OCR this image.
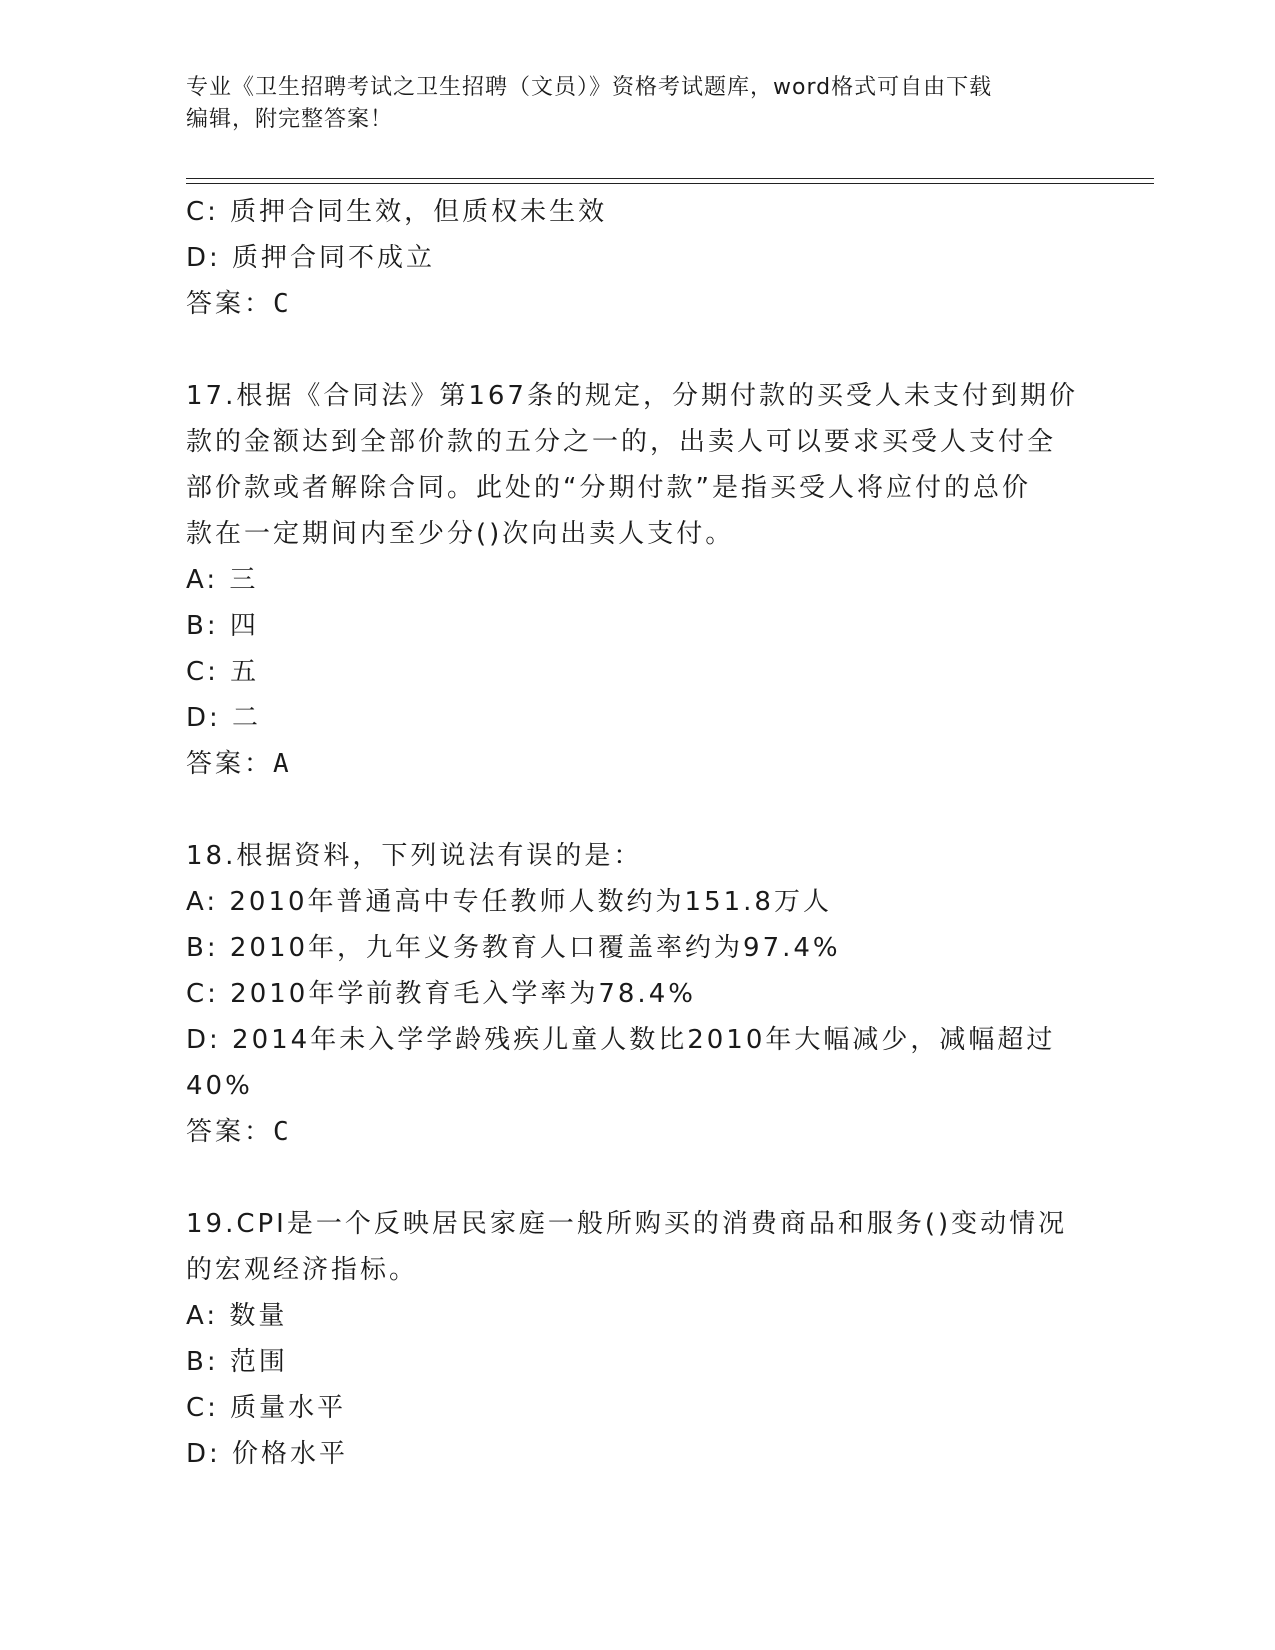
专业《卫生招聘考试之卫生招聘（文员）》资格考试题库，word格式可自由下载
编辑，附完整答案！
C: 质押合同生效，但质权未生效
D: 质押合同不成立
答案：C
17.根据《合同法》第167条的规定，分期付款的买受人未支付到期价
款的金额达到全部价款的五分之一的，出卖人可以要求买受人支付全
部价款或者解除合同。此处的“分期付款”是指买受人将应付的总价
款在一定期间内至少分()次向出卖人支付。
A: 三
B: 四
C: 五
D: 二
答案：A
18.根据资料，下列说法有误的是：
A: 2010年普通高中专任教师人数约为151.8万人
B: 2010年，九年义务教育人口覆盖率约为97.4%
C: 2010年学前教育毛入学率为78.4%
D: 2014年未入学学龄残疾儿童人数比2010年大幅减少，减幅超过
40%
答案：C
19.CPI是一个反映居民家庭一般所购买的消费商品和服务()变动情况
的宏观经济指标。
A: 数量
B: 范围
C: 质量水平
D: 价格水平
